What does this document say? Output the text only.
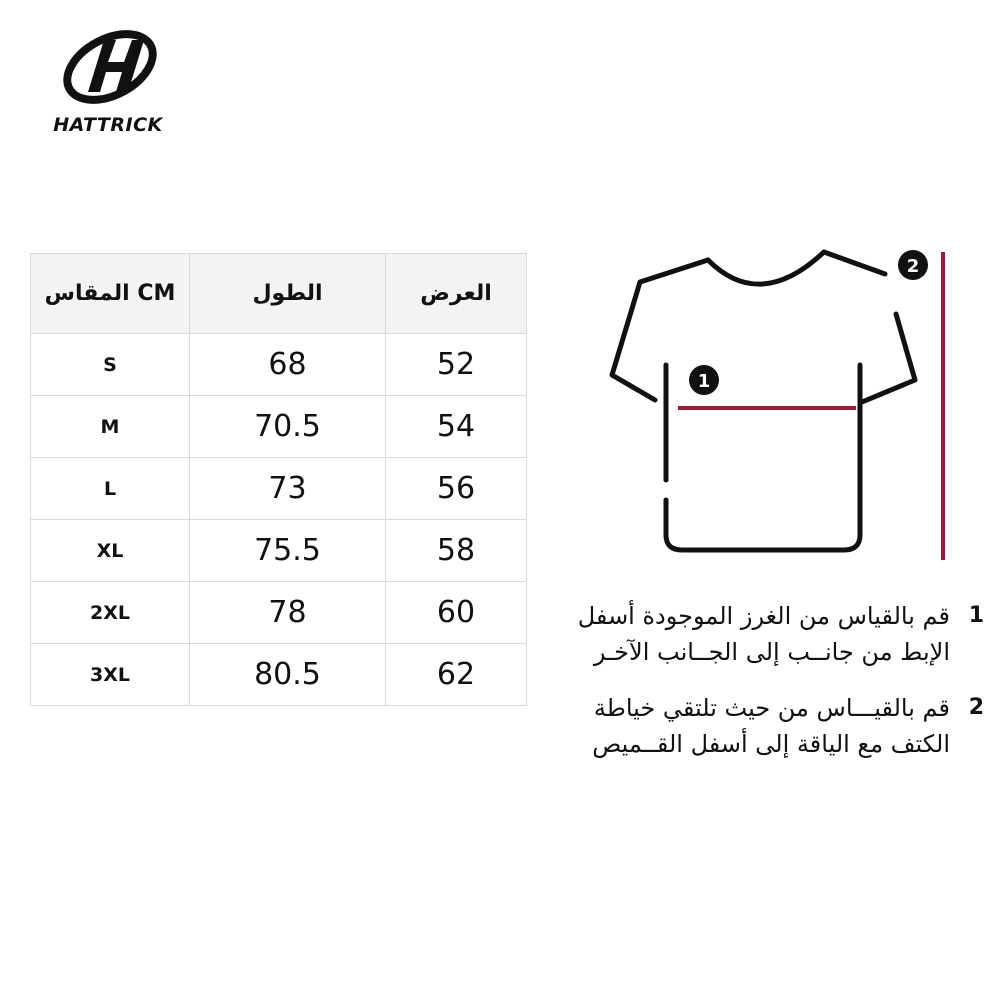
HATTRICK
المقاس CM	الطول	العرض
S	68	52
M	70.5	54
L	73	56
XL	75.5	58
2XL	78	60
3XL	80.5	62
1
2
1
قم بالقياس من الغرز الموجودة أسفل
الإبط من جانــب إلى الجــانب الآخـر
2
قم بالقيـــاس من حيث تلتقي خياطة
الكتف مع الياقة إلى أسفل القــميص
